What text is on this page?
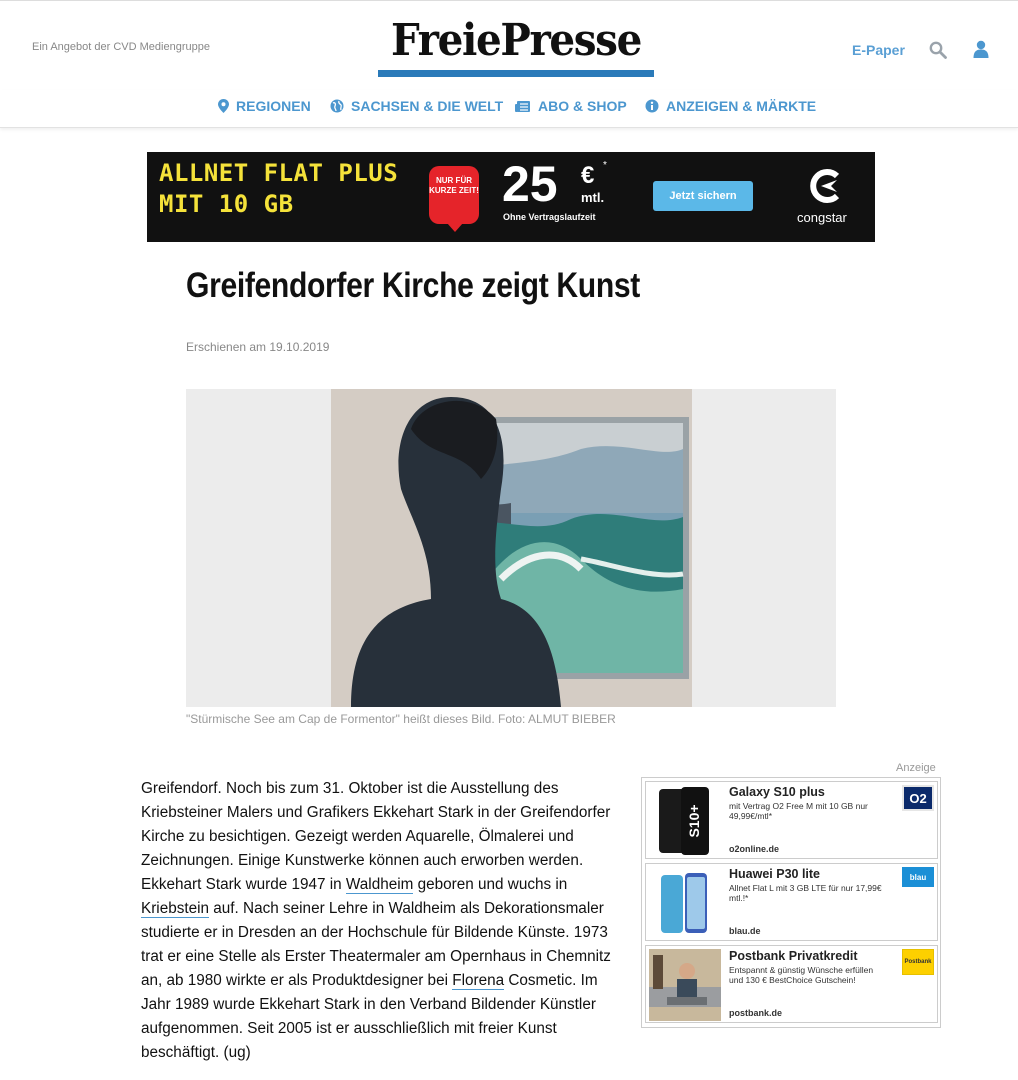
Ein Angebot der CVD Mediengruppe	FreiePresse	E-Paper
REGIONEN	SACHSEN & DIE WELT ABO & SHOP	ANZEIGEN & MÄRKTE
ALLNET FLAT PLUS
MIT 10 GB
NUR FÜR KURZE ZEIT! 25 € *
mtl.
Ohne Vertragslaufzeit
Jetzt sichern
congstar
Greifendorfer Kirche zeigt Kunst
Erschienen am 19.10.2019
"Stürmische See am Cap de Formentor" heißt dieses Bild. Foto: ALMUT BIEBER
Greifendorf. Noch bis zum 31. Oktober ist die Ausstellung des Kriebsteiner Malers und Grafikers Ekkehart Stark in der Greifendorfer Kirche zu besichtigen. Gezeigt werden Aquarelle, Ölmalerei und Zeichnungen. Einige Kunstwerke können auch erworben werden. Ekkehart Stark wurde 1947 in Waldheim geboren und wuchs in Kriebstein auf. Nach seiner Lehre in Waldheim als Dekorationsmaler studierte er in Dresden an der Hochschule für Bildende Künste. 1973 trat er eine Stelle als Erster Theatermaler am Opernhaus in Chemnitz an, ab 1980 wirkte er als Produktdesigner bei Florena Cosmetic. Im Jahr 1989 wurde Ekkehart Stark in den Verband Bildender Künstler aufgenommen. Seit 2005 ist er ausschließlich mit freier Kunst beschäftigt. (ug)
Anzeige
S10+
Galaxy S10 plus
mit Vertrag O2 Free M mit 10 GB nur 49,99€/mtl*
o2online.de
O2
Huawei P30 lite
Allnet Flat L mit 3 GB LTE für nur 17,99€ mtl.!*
blau.de
blau
Postbank Privatkredit
Entspannt & günstig Wünsche erfüllen und 130 € BestChoice Gutschein!
postbank.de
Postbank
